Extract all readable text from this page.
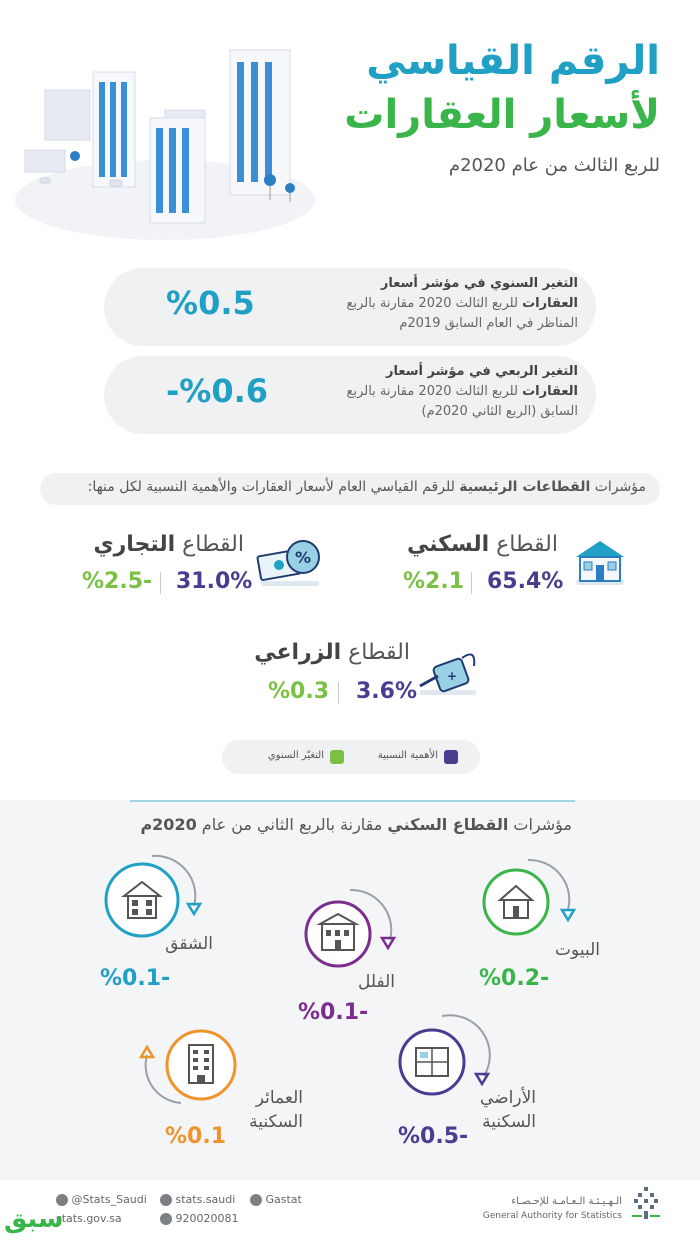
الرقم القياسي
لأسعار العقارات
للربع الثالث من عام 2020م
التغير السنوي في مؤشر أسعار العقارات للربع الثالث 2020 مقارنة بالربع المناظر في العام السابق 2019م
%0.5
التغير الربعي في مؤشر أسعار العقارات للربع الثالث 2020 مقارنة بالربع السابق (الربع الثاني 2020م)
-%0.6
مؤشرات القطاعات الرئيسية للرقم القياسي العام لأسعار العقارات والأهمية النسبية لكل منها:
القطاع السكني
65.4%
%2.1
%
القطاع التجاري
31.0%
%2.5-
+
القطاع الزراعي
3.6%
%0.3
الأهمية النسبية
التغيّر السنوي
مؤشرات القطاع السكني مقارنة بالربع الثاني من عام 2020م
البيوت
%0.2-
الفلل
%0.1-
الشقق
%0.1-
الأراضي
السكنية
%0.5-
العمائر
السكنية
%0.1
@Stats_Saudi	stats.saudi	Gastat
stats.gov.sa	920020081
الـهـيـئـة الـعـامـة للإحـصـاء
General Authority for Statistics
سبق
